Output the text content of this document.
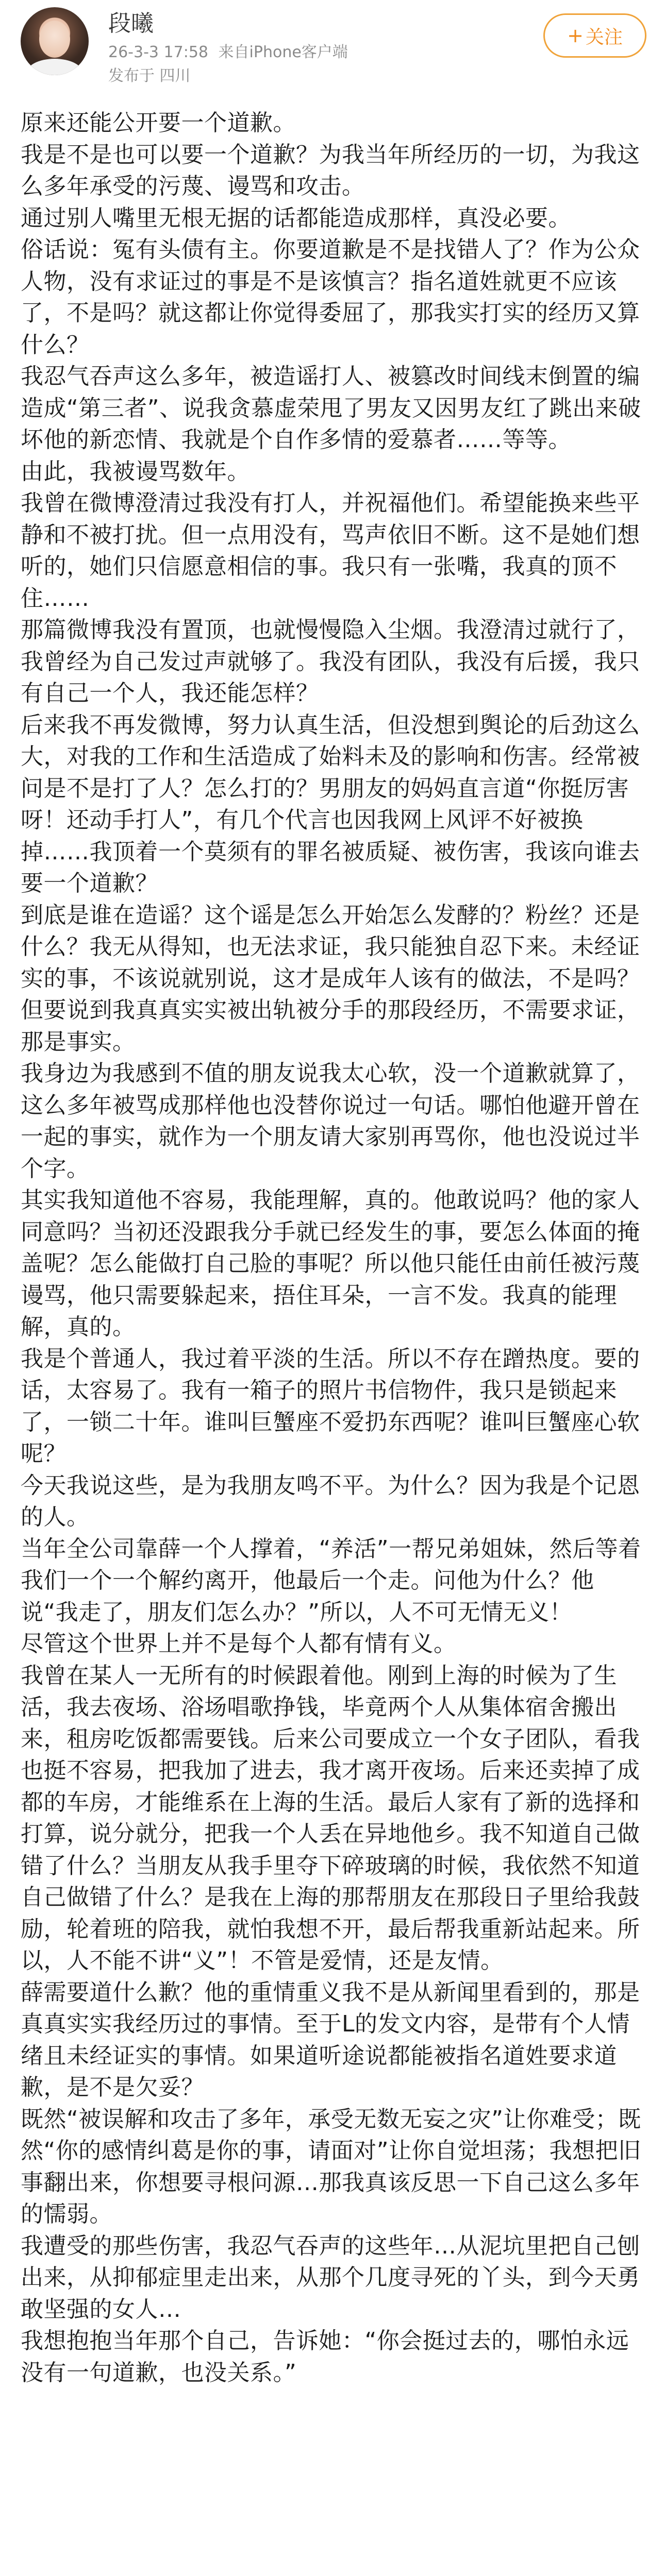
段曦
26-3-3 17:58 来自iPhone客户端
发布于 四川
+ 关注

原来还能公开要一个道歉。

我是不是也可以要一个道歉？为我当年所经历的一切，为我这么多年承受的污蔑、谩骂和攻击。

通过别人嘴里无根无据的话都能造成那样，真没必要。

俗话说：冤有头债有主。你要道歉是不是找错人了？作为公众人物，没有求证过的事是不是该慎言？指名道姓就更不应该了，不是吗？就这都让你觉得委屈了，那我实打实的经历又算什么？

我忍气吞声这么多年，被造谣打人、被篡改时间线末倒置的编造成“第三者”、说我贪慕虚荣甩了男友又因男友红了跳出来破坏他的新恋情、我就是个自作多情的爱慕者……等等。

由此，我被谩骂数年。

我曾在微博澄清过我没有打人，并祝福他们。希望能换来些平静和不被打扰。但一点用没有，骂声依旧不断。这不是她们想听的，她们只信愿意相信的事。我只有一张嘴，我真的顶不住……

那篇微博我没有置顶，也就慢慢隐入尘烟。我澄清过就行了，我曾经为自己发过声就够了。我没有团队，我没有后援，我只有自己一个人，我还能怎样？

后来我不再发微博，努力认真生活，但没想到舆论的后劲这么大，对我的工作和生活造成了始料未及的影响和伤害。经常被问是不是打了人？怎么打的？男朋友的妈妈直言道“你挺厉害呀！还动手打人”，有几个代言也因我网上风评不好被换掉……我顶着一个莫须有的罪名被质疑、被伤害，我该向谁去要一个道歉？

到底是谁在造谣？这个谣是怎么开始怎么发酵的？粉丝？还是什么？我无从得知，也无法求证，我只能独自忍下来。未经证实的事，不该说就别说，这才是成年人该有的做法，不是吗？但要说到我真真实实被出轨被分手的那段经历，不需要求证，那是事实。

我身边为我感到不值的朋友说我太心软，没一个道歉就算了，这么多年被骂成那样他也没替你说过一句话。哪怕他避开曾在一起的事实，就作为一个朋友请大家别再骂你，他也没说过半个字。

其实我知道他不容易，我能理解，真的。他敢说吗？他的家人同意吗？当初还没跟我分手就已经发生的事，要怎么体面的掩盖呢？怎么能做打自己脸的事呢？所以他只能任由前任被污蔑谩骂，他只需要躲起来，捂住耳朵，一言不发。我真的能理解，真的。

我是个普通人，我过着平淡的生活。所以不存在蹭热度。要的话，太容易了。我有一箱子的照片书信物件，我只是锁起来了，一锁二十年。谁叫巨蟹座不爱扔东西呢？谁叫巨蟹座心软呢？

今天我说这些，是为我朋友鸣不平。为什么？因为我是个记恩的人。

当年全公司靠薛一个人撑着，“养活”一帮兄弟姐妹，然后等着我们一个一个解约离开，他最后一个走。问他为什么？他说“我走了，朋友们怎么办？”所以，人不可无情无义！

尽管这个世界上并不是每个人都有情有义。

我曾在某人一无所有的时候跟着他。刚到上海的时候为了生活，我去夜场、浴场唱歌挣钱，毕竟两个人从集体宿舍搬出来，租房吃饭都需要钱。后来公司要成立一个女子团队，看我也挺不容易，把我加了进去，我才离开夜场。后来还卖掉了成都的车房，才能维系在上海的生活。最后人家有了新的选择和打算，说分就分，把我一个人丢在异地他乡。我不知道自己做错了什么？当朋友从我手里夺下碎玻璃的时候，我依然不知道自己做错了什么？是我在上海的那帮朋友在那段日子里给我鼓励，轮着班的陪我，就怕我想不开，最后帮我重新站起来。所以，人不能不讲“义”！不管是爱情，还是友情。

薛需要道什么歉？他的重情重义我不是从新闻里看到的，那是真真实实我经历过的事情。至于L的发文内容，是带有个人情绪且未经证实的事情。如果道听途说都能被指名道姓要求道歉，是不是欠妥？

既然“被误解和攻击了多年，承受无数无妄之灾”让你难受；既然“你的感情纠葛是你的事，请面对”让你自觉坦荡；我想把旧事翻出来，你想要寻根问源…那我真该反思一下自己这么多年的懦弱。

我遭受的那些伤害，我忍气吞声的这些年…从泥坑里把自己刨出来，从抑郁症里走出来，从那个几度寻死的丫头，到今天勇敢坚强的女人…

我想抱抱当年那个自己，告诉她：“你会挺过去的，哪怕永远没有一句道歉，也没关系。”
